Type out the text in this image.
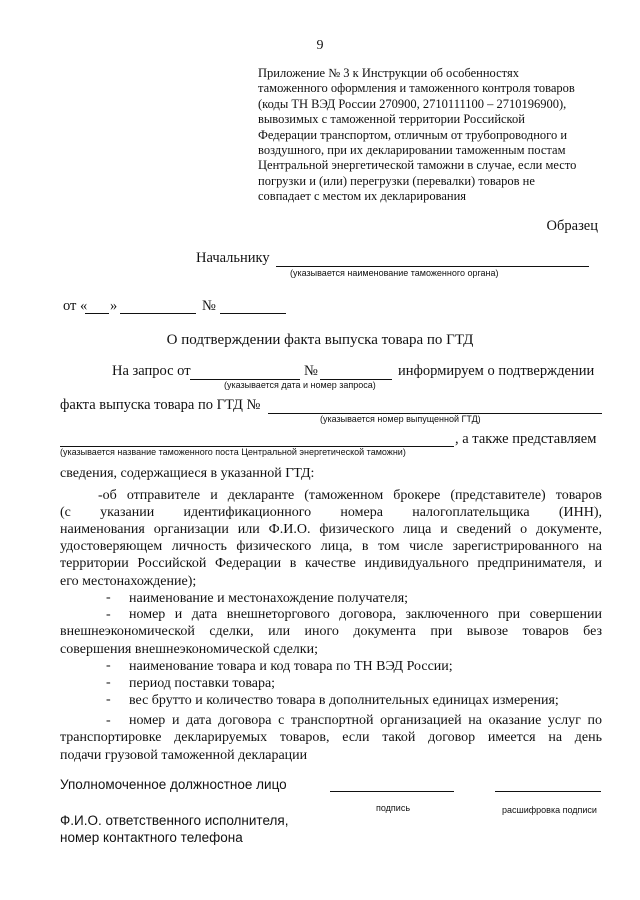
9
Приложение № 3 к Инструкции об особенностях
таможенного оформления и таможенного контроля товаров
(коды ТН ВЭД России 270900, 2710111100 – 2710196900),
вывозимых с таможенной территории Российской
Федерации транспортом, отличным от трубопроводного и
воздушного, при их декларировании таможенным постам
Центральной энергетической таможни в случае, если место
погрузки и (или) перегрузки (перевалки) товаров не
совпадает с местом их декларирования
Образец
Начальнику
(указывается наименование таможенного органа)
от « »	№
О подтверждении факта выпуска товара по ГТД
На запрос от	№	информируем о подтверждении
(указывается дата и номер запроса)
факта выпуска товара по ГТД №
(указывается номер выпущенной ГТД)
, а также представляем
(указывается название таможенного поста Центральной энергетической таможни)
сведения, содержащиеся в указанной ГТД:
-об отправителе и декларанте (таможенном брокере (представителе) товаров
(с указании идентификационного номера налогоплательщика (ИНН),
наименования организации или Ф.И.О. физического лица и сведений о документе,
удостоверяющем личность физического лица, в том числе зарегистрированного на
территории Российской Федерации в качестве индивидуального предпринимателя, и
его местонахождение);
- наименование и местонахождение получателя;
- номер и дата внешнеторгового договора, заключенного при совершении
внешнеэкономической сделки, или иного документа при вывозе товаров без
совершения внешнеэкономической сделки;
- наименование товара и код товара по ТН ВЭД России;
- период поставки товара;
- вес брутто и количество товара в дополнительных единицах измерения;
- номер и дата договора с транспортной организацией на оказание услуг по
транспортировке декларируемых товаров, если такой договор имеется на день
подачи грузовой таможенной декларации
Уполномоченное должностное лицо
подпись	расшифровка подписи
Ф.И.О. ответственного исполнителя,
номер контактного телефона
